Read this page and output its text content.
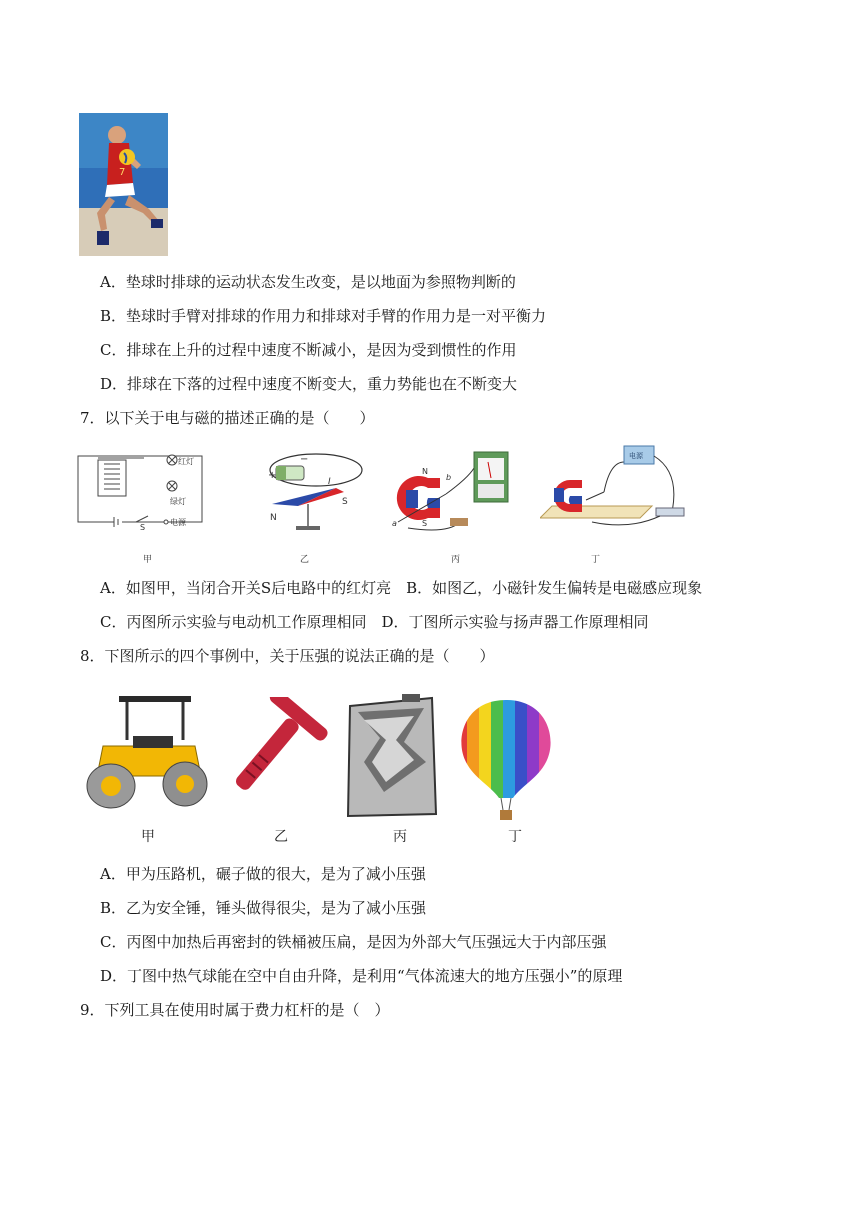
7
A．垫球时排球的运动状态发生改变，是以地面为参照物判断的
B．垫球时手臂对排球的作用力和排球对手臂的作用力是一对平衡力
C．排球在上升的过程中速度不断减小，是因为受到惯性的作用
D．排球在下落的过程中速度不断变大，重力势能也在不断变大
7．以下关于电与磁的描述正确的是（　　）
红灯
绿灯
S
电源
甲
+
−
I
N
S
乙
N
S
a
b
丙
电源
丁
A．如图甲，当闭合开关S后电路中的红灯亮　B．如图乙，小磁针发生偏转是电磁感应现象
C．丙图所示实验与电动机工作原理相同　D．丁图所示实验与扬声器工作原理相同
8．下图所示的四个事例中，关于压强的说法正确的是（　　）
甲	乙	丙	丁
A．甲为压路机，碾子做的很大，是为了减小压强
B．乙为安全锤，锤头做得很尖，是为了减小压强
C．丙图中加热后再密封的铁桶被压扁，是因为外部大气压强远大于内部压强
D．丁图中热气球能在空中自由升降，是利用“气体流速大的地方压强小”的原理
9．下列工具在使用时属于费力杠杆的是（　）
